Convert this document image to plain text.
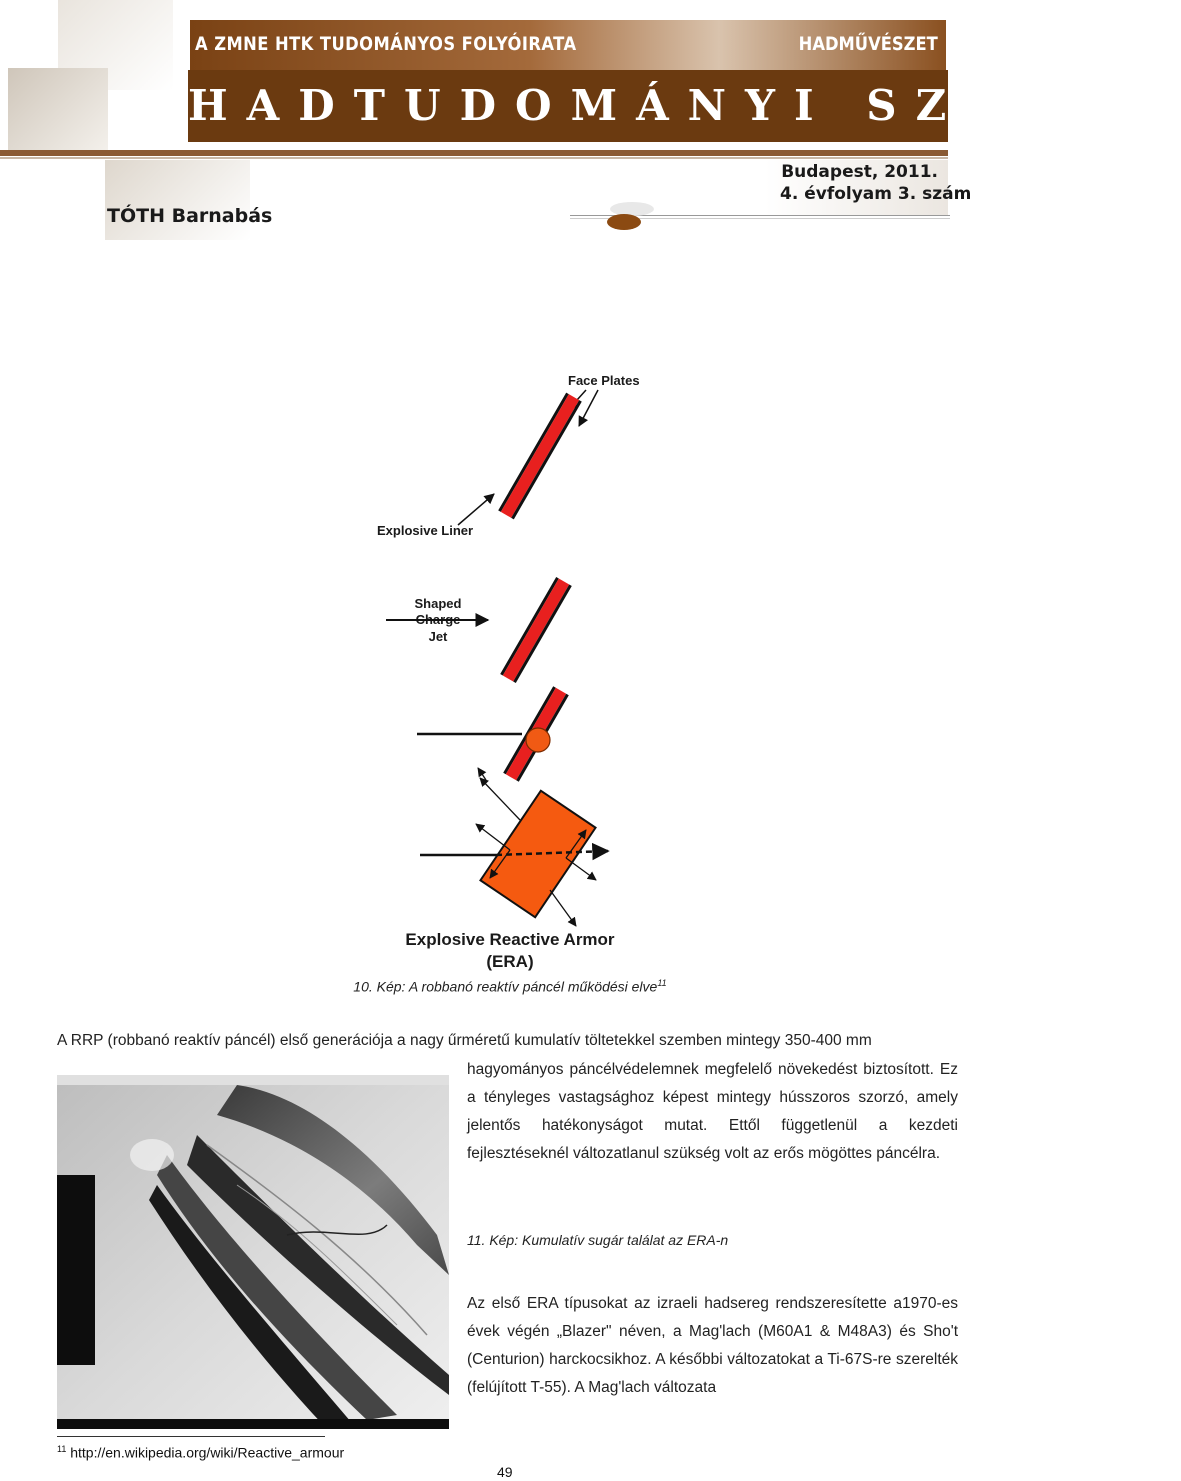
A ZMNE HTK TUDOMÁNYOS FOLYÓIRATA	HADMŰVÉSZET
HADTUDOMÁNYI SZEMLE
Budapest, 2011.
4. évfolyam 3. szám
TÓTH Barnabás
Face Plates
Explosive Liner
Shaped
Charge
Jet
Explosive Reactive Armor
(ERA)
10. Kép: A robbanó reaktív páncél működési elve$^{11}$
A RRP (robbanó reaktív páncél) első generációja a nagy űrméretű kumulatív töltetekkel szemben mintegy 350-400 mm

hagyományos páncélvédelemnek megfelelő növekedést biztosított. Ez a tényleges vastagsághoz képest mintegy hússzoros szorzó, amely jelentős hatékonyságot mutat. Ettől függetlenül a kezdeti fejlesztéseknél változatlanul szükség volt az erős mögöttes páncélra.

11. Kép: Kumulatív sugár találat az ERA-n

Az első ERA típusokat az izraeli hadsereg rendszeresítette a1970-es évek végén „Blazer" néven, a Mag'lach (M60A1 & M48A3) és Sho't (Centurion) harckocsikhoz. A későbbi változatokat a Ti-67S-re szerelték (felújított T-55). A Mag'lach változata

$^{11}$ http://en.wikipedia.org/wiki/Reactive_armour
49
